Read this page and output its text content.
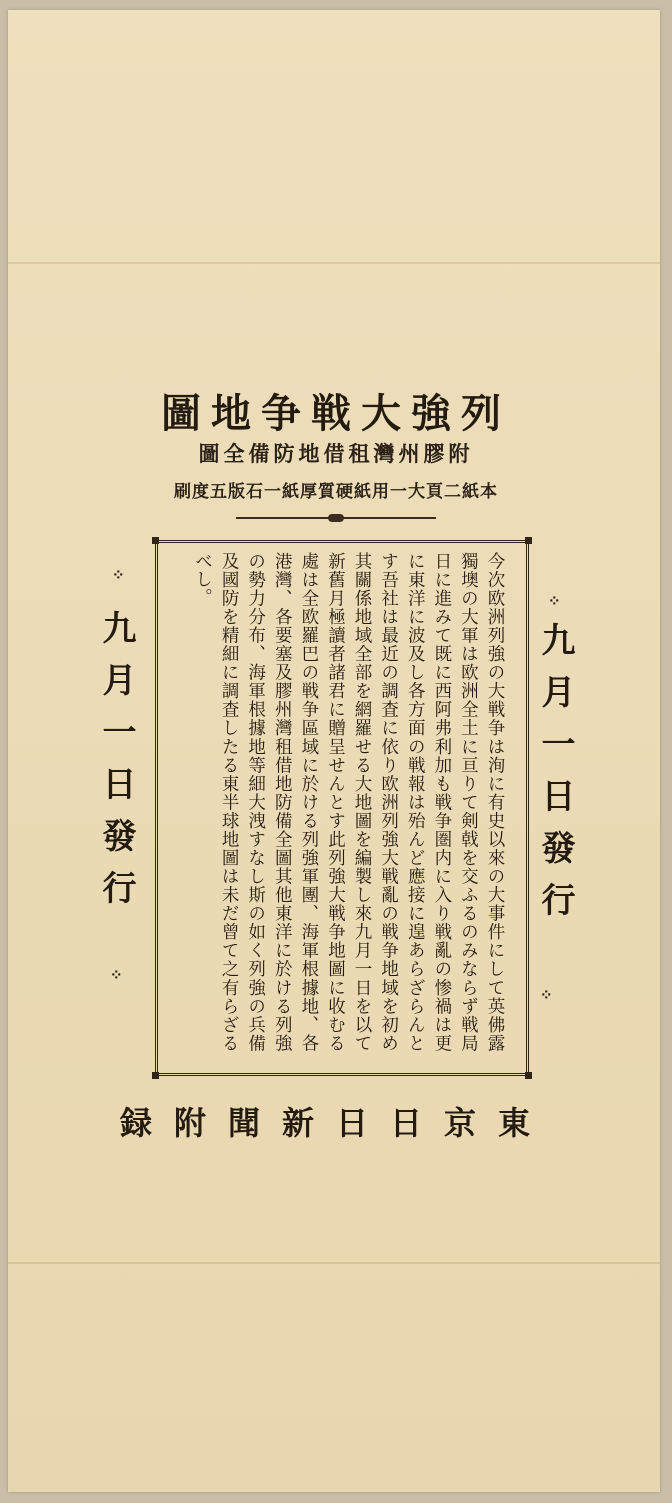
列強大戦争地圖
附膠州灣租借地防備全圖
本紙二頁大一用紙硬質厚紙一石版五度刷
今次欧洲列強の大戦争は洵に有史以來の大事件にして英佛露獨墺の大軍は欧洲全土に亘りて剣戟を交ふるのみならず戦局日に進みて既に西阿弗利加も戦争圏内に入り戦亂の惨禍は更に東洋に波及し各方面の戦報は殆んど應接に遑あらざらんとす吾社は最近の調査に依り欧洲列強大戦亂の戦争地域を初め其關係地域全部を網羅せる大地圖を編製し來九月一日を以て新舊月極讀者諸君に贈呈せんとす此列強大戦争地圖に收むる處は全欧羅巴の戦争區域に於ける列強軍團、海軍根據地、各港灣、各要塞及膠州灣租借地防備全圖其他東洋に於ける列強の勢力分布、海軍根據地等細大洩すなし斯の如く列強の兵備及國防を精細に調査したる東半球地圖は未だ曾て之有らざるべし。
⁘
九月一日發行
⁘
⁘
九月一日發行
⁘
東京日日新聞附録
